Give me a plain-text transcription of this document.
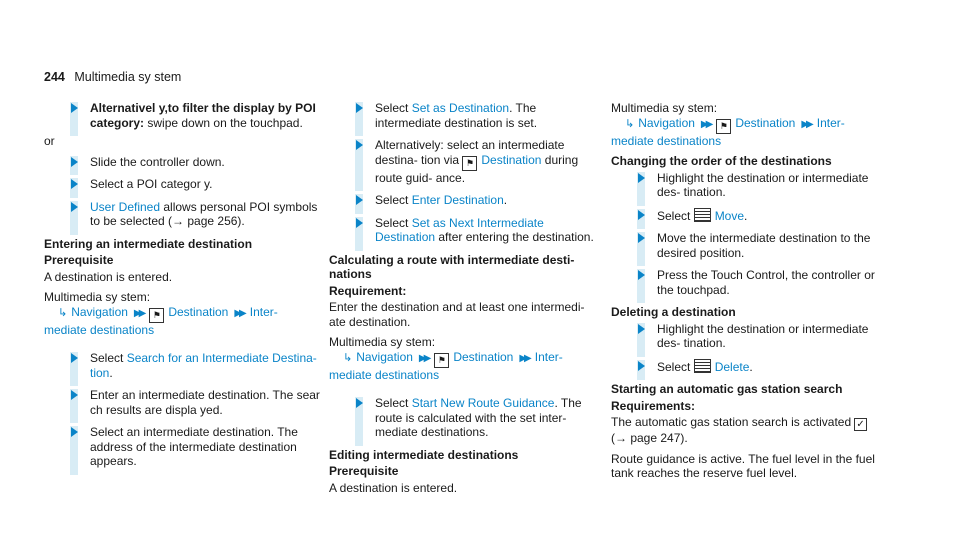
244 Multimedia sy stem
Alternativel y,to filter the display by POI category: swipe down on the touchpad.

or

Slide the controller down.
Select a POI categor y.
User Defined allows personal POI symbols to be selected (→ page 256).
Entering an intermediate destination
Prerequisite

A destination is entered.

Multimedia sy stem:
↳ Navigation ▶▶ ⚑ Destination ▶▶ Inter-

mediate destinations

Select Search for an Intermediate Destina- tion.
Enter an intermediate destination. The sear ch results are displa yed.
Select an intermediate destination. The address of the intermediate destination appears.
Select Set as Destination. The intermediate destination is set.
Alternatively: select an intermediate destina- tion via ⚑ Destination during route guid- ance.
Select Enter Destination.
Select Set as Next Intermediate Destination after entering the destination.
Calculating a route with intermediate desti- nations
Requirement:

Enter the destination and at least one intermedi- ate destination.

Multimedia sy stem:
↳ Navigation ▶▶ ⚑ Destination ▶▶ Inter-

mediate destinations

Select Start New Route Guidance. The route is calculated with the set inter- mediate destinations.
Editing intermediate destinations
Prerequisite

A destination is entered.

Multimedia sy stem:
↳ Navigation ▶▶ ⚑ Destination ▶▶ Inter-

mediate destinations

Changing the order of the destinations
Highlight the destination or intermediate des- tination.
Select Move.
Move the intermediate destination to the desired position.
Press the Touch Control, the controller or the touchpad.
Deleting a destination
Highlight the destination or intermediate des- tination.
Select Delete.
Starting an automatic gas station search
Requirements:
The automatic gas station search is activated ✓

(→ page 247).

Route guidance is active. The fuel level in the fuel tank reaches the reserve fuel level.
